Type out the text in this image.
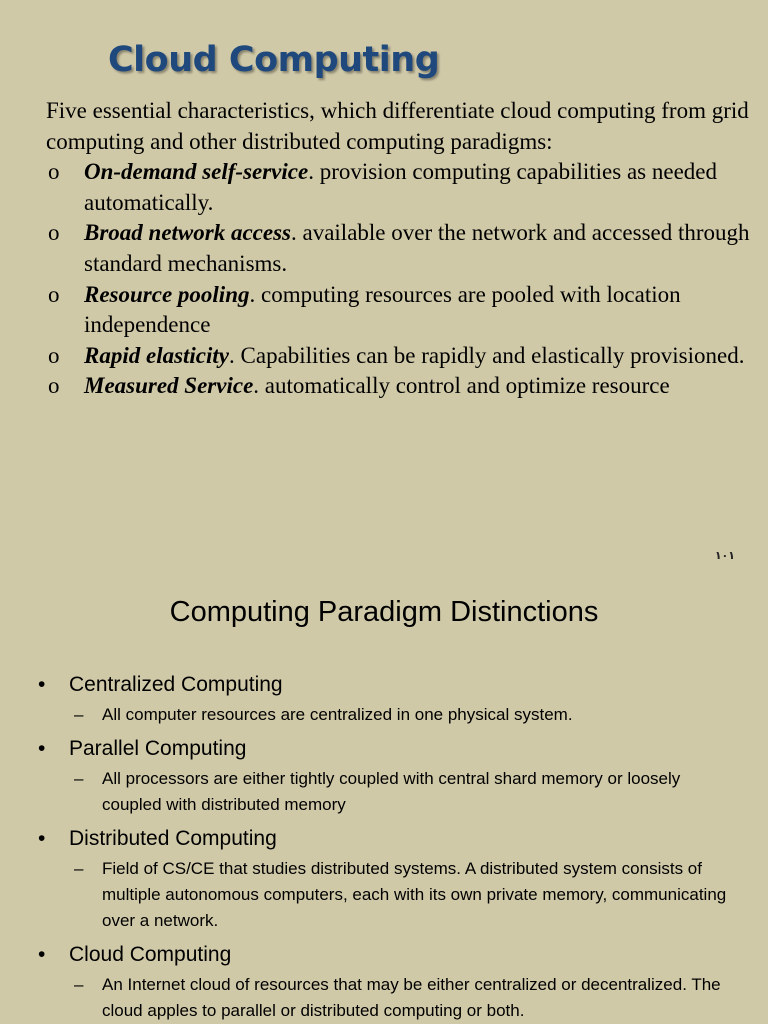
Cloud Computing

Five essential characteristics, which differentiate cloud computing from grid computing and other distributed computing paradigms:

o On-demand self-service. provision computing capabilities as needed automatically.
o Broad network access. available over the network and accessed through standard mechanisms.
o Resource pooling. computing resources are pooled with location independence
o Rapid elasticity. Capabilities can be rapidly and elastically provisioned.
o Measured Service. automatically control and optimize resource
١٠١
Computing Paradigm Distinctions
• Centralized Computing
– All computer resources are centralized in one physical system.
• Parallel Computing
– All processors are either tightly coupled with central shard memory or loosely coupled with distributed memory
• Distributed Computing
– Field of CS/CE that studies distributed systems. A distributed system consists of multiple autonomous computers, each with its own private memory, communicating over a network.
• Cloud Computing
– An Internet cloud of resources that may be either centralized or decentralized. The cloud apples to parallel or distributed computing or both.
